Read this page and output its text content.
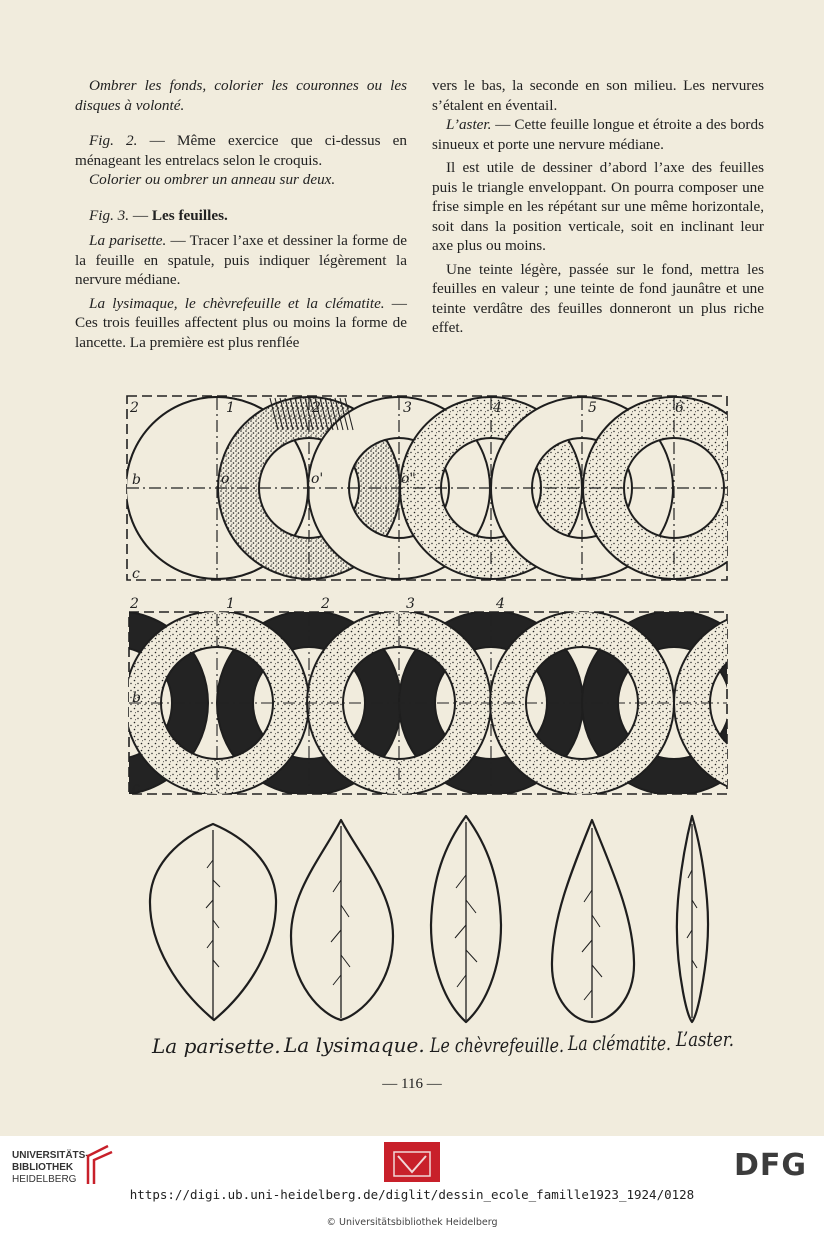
Ombrer les fonds, colorier les couronnes ou les disques à volonté.

Fig. 2. — Même exercice que ci-dessus en ménageant les entrelacs selon le croquis.

Colorier ou ombrer un anneau sur deux.

Fig. 3. — Les feuilles.

La parisette. — Tracer l’axe et dessiner la forme de la feuille en spatule, puis indiquer légèrement la nervure médiane.

La lysimaque, le chèvrefeuille et la clématite. — Ces trois feuilles affectent plus ou moins la forme de lancette. La première est plus renflée

vers le bas, la seconde en son milieu. Les nervures s’étalent en éventail.

L’aster. — Cette feuille longue et étroite a des bords sinueux et porte une nervure médiane.

Il est utile de dessiner d’abord l’axe des feuilles puis le triangle enveloppant. On pourra composer une frise simple en les répétant sur une même horizontale, soit dans la position verticale, soit en inclinant leur axe plus ou moins.

Une teinte légère, passée sur le fond, mettra les feuilles en valeur ; une teinte de fond jaunâtre et une teinte verdâtre des feuilles donneront un plus riche effet.

1	2	3	4	5	6
2
b
c
o	o'	o"
2	1	2	3	4
b
c
La parisette. La lysimaque. Le chèvrefeuille. La clématite. L’aster.
— 116 —
UNIVERSITÄTS-
BIBLIOTHEK
HEIDELBERG	DFG
https://digi.ub.uni-heidelberg.de/diglit/dessin_ecole_famille1923_1924/0128
© Universitätsbibliothek Heidelberg
